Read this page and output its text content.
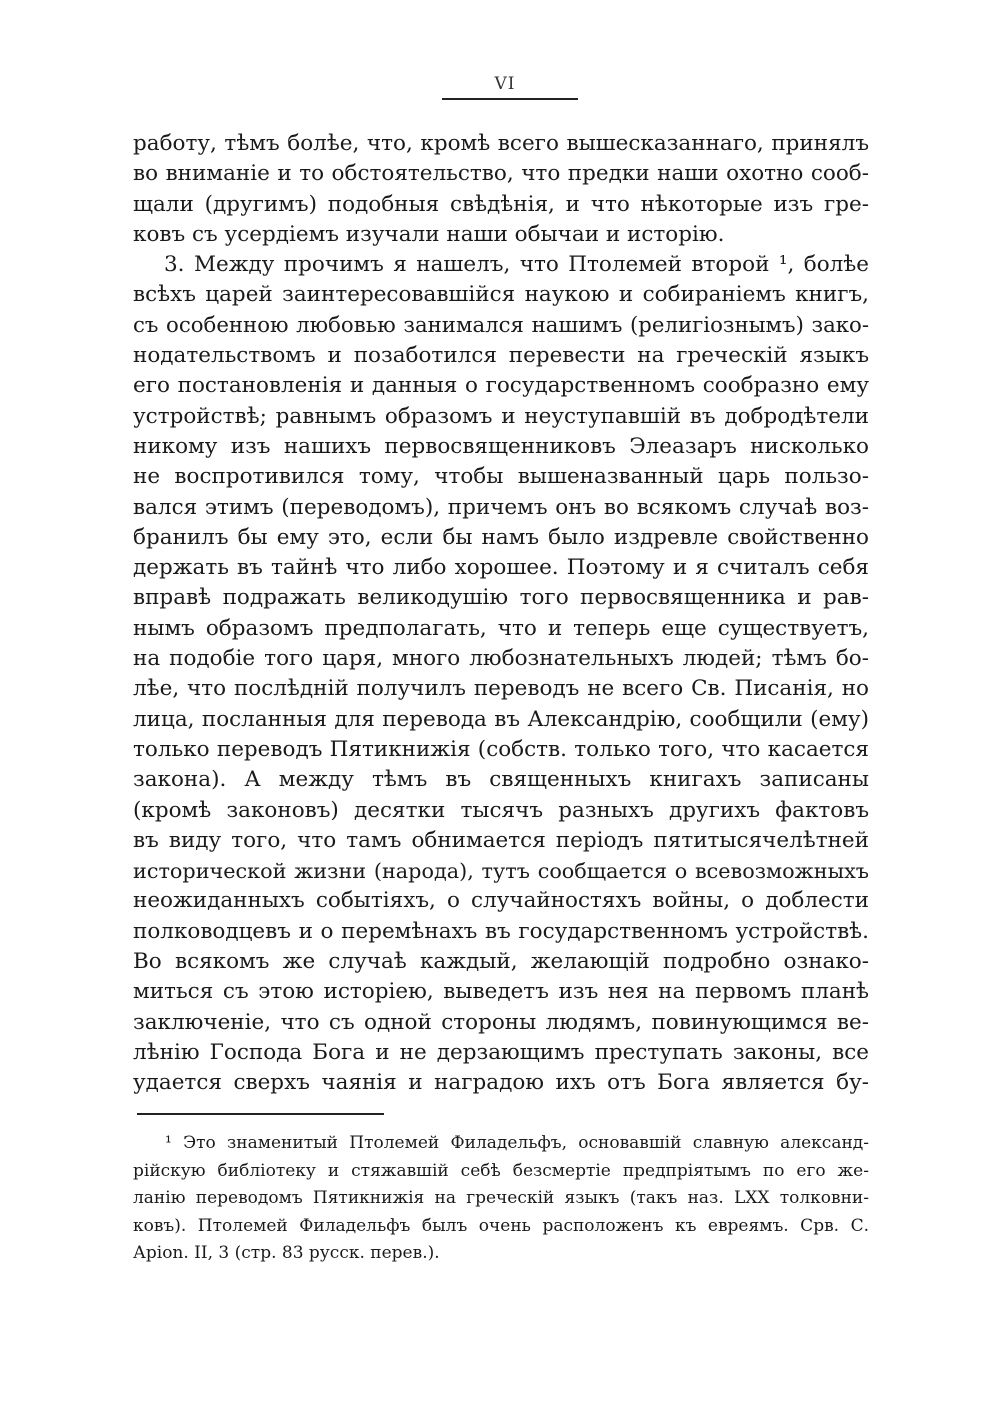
VI
работу, тѣмъ болѣе, что, кромѣ всего вышесказаннаго, принялъ
во вниманіе и то обстоятельство, что предки наши охотно сооб-
щали (другимъ) подобныя свѣдѣнія, и что нѣкоторые изъ гре-
ковъ съ усердіемъ изучали наши обычаи и исторію.
3. Между прочимъ я нашелъ, что Птолемей второй ¹, болѣе
всѣхъ царей заинтересовавшійся наукою и собираніемъ книгъ,
съ особенною любовью занимался нашимъ (религіознымъ) зако-
нодательствомъ и позаботился перевести на греческій языкъ
его постановленія и данныя о государственномъ сообразно ему
устройствѣ; равнымъ образомъ и неуступавшій въ добродѣтели
никому изъ нашихъ первосвященниковъ Элеазаръ нисколько
не воспротивился тому, чтобы вышеназванный царь пользо-
вался этимъ (переводомъ), причемъ онъ во всякомъ случаѣ воз-
бранилъ бы ему это, если бы намъ было издревле свойственно
держать въ тайнѣ что либо хорошее. Поэтому и я считалъ себя
вправѣ подражать великодушію того первосвященника и рав-
нымъ образомъ предполагать, что и теперь еще существуетъ,
на подобіе того царя, много любознательныхъ людей; тѣмъ бо-
лѣе, что послѣдній получилъ переводъ не всего Св. Писанія, но
лица, посланныя для перевода въ Александрію, сообщили (ему)
только переводъ Пятикнижія (собств. только того, что касается
закона). А между тѣмъ въ священныхъ книгахъ записаны
(кромѣ законовъ) десятки тысячъ разныхъ другихъ фактовъ
въ виду того, что тамъ обнимается періодъ пятитысячелѣтней
исторической жизни (народа), тутъ сообщается о всевозможныхъ
неожиданныхъ событіяхъ, о случайностяхъ войны, о доблести
полководцевъ и о перемѣнахъ въ государственномъ устройствѣ.
Во всякомъ же случаѣ каждый, желающій подробно ознако-
миться съ этою исторіею, выведетъ изъ нея на первомъ планѣ
заключеніе, что съ одной стороны людямъ, повинующимся ве-
лѣнію Господа Бога и не дерзающимъ преступать законы, все
удается сверхъ чаянія и наградою ихъ отъ Бога является бу-
¹ Это знаменитый Птолемей Филадельфъ, основавшій славную александ-
рійскую библіотеку и стяжавшій себѣ безсмертіе предпріятымъ по его же-
ланію переводомъ Пятикнижія на греческій языкъ (такъ наз. LXX толковни-
ковъ). Птолемей Филадельфъ былъ очень расположенъ къ евреямъ. Срв. С.
Аріоn. II, 3 (стр. 83 русск. перев.).
